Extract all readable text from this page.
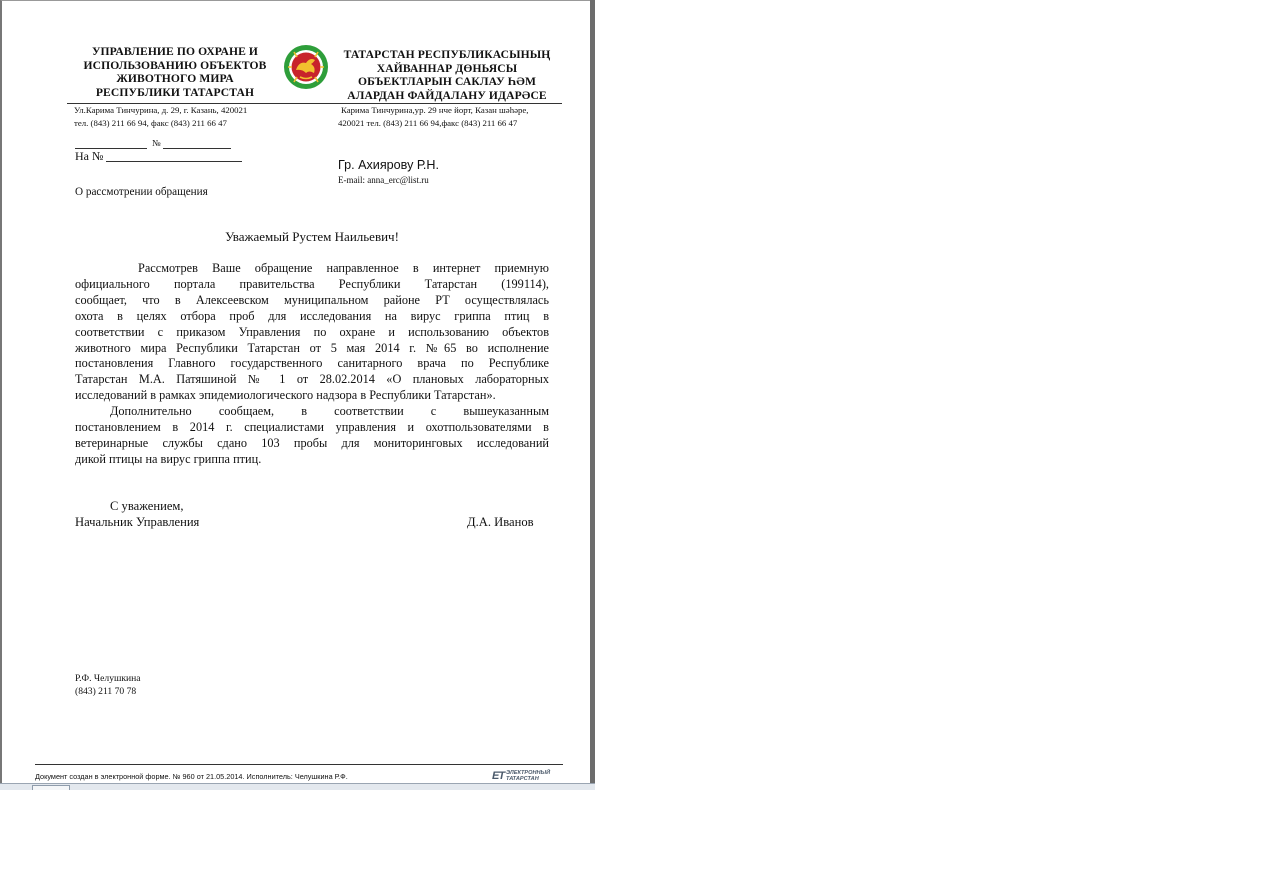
УПРАВЛЕНИЕ ПО ОХРАНЕ И
ИСПОЛЬЗОВАНИЮ ОБЪЕКТОВ
ЖИВОТНОГО МИРА
РЕСПУБЛИКИ ТАТАРСТАН
ТАТАРСТАН РЕСПУБЛИКАСЫНЫҢ
ХАЙВАННАР ДӨНЬЯСЫ
ОБЪЕКТЛАРЫН САКЛАУ ҺӘМ
АЛАРДАН ФАЙДАЛАНУ ИДАРӘСЕ
Ул.Карима Тинчурина, д. 29, г. Казань, 420021
тел. (843) 211 66 94, факс (843) 211 66 47
Карима Тинчурина,ур. 29 нче йорт, Казан шәһәре,
420021 тел. (843) 211 66 94,факс (843) 211 66 47
№
На №
Гр. Ахиярову Р.Н.
E-mail: anna_erc@list.ru
О рассмотрении обращения
Уважаемый Рустем Наильевич!
Рассмотрев Ваше обращение направленное в интернет приемную
официального портала правительства Республики Татарстан (199114),
сообщает, что в Алексеевском муниципальном районе РТ осуществлялась
охота в целях отбора проб для исследования на вирус гриппа птиц в
соответствии с приказом Управления по охране и использованию объектов
животного мира Республики Татарстан от 5 мая 2014 г. №65 во исполнение
постановления Главного государственного санитарного врача по Республике
Татарстан М.А. Патяшиной № 1 от 28.02.2014 «О плановых лабораторных
исследований в рамках эпидемиологического надзора в Республики Татарстан».
Дополнительно сообщаем, в соответствии с вышеуказанным
постановлением в 2014 г. специалистами управления и охотпользователями в
ветеринарные службы сдано 103 пробы для мониторинговых исследований
дикой птицы на вирус гриппа птиц.
С уважением,
Начальник Управления	Д.А. Иванов
Р.Ф. Челушкина
(843) 211 70 78
Документ создан в электронной форме. № 960 от 21.05.2014. Исполнитель: Челушкина Р.Ф.	ЕТ ЭЛЕКТРОННЫЙ
ТАТАРСТАН
